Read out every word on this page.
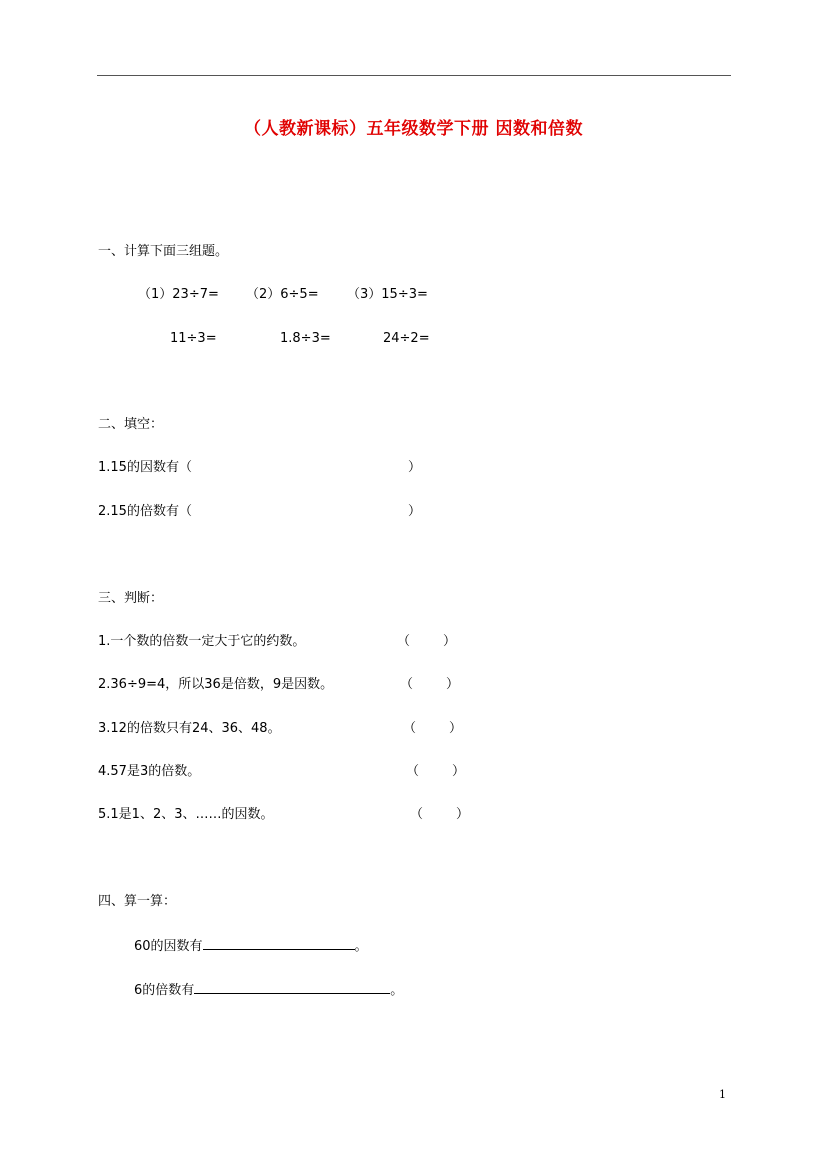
（人教新课标）五年级数学下册 因数和倍数
一、计算下面三组题。
（1）23÷7= （2）6÷5= （3）15÷3=
11÷3=	1.8÷3=	24÷2=
二、填空：
1.15的因数有（	）
2.15的倍数有（	）
三、判断：
1.一个数的倍数一定大于它的约数。	（        ）
2.36÷9=4，所以36是倍数，9是因数。	（        ）
3.12的倍数只有24、36、48。	（        ）
4.57是3的倍数。	（        ）
5.1是1、2、3、……的因数。	（        ）
四、算一算：
60的因数有	。
6的倍数有	。
1
